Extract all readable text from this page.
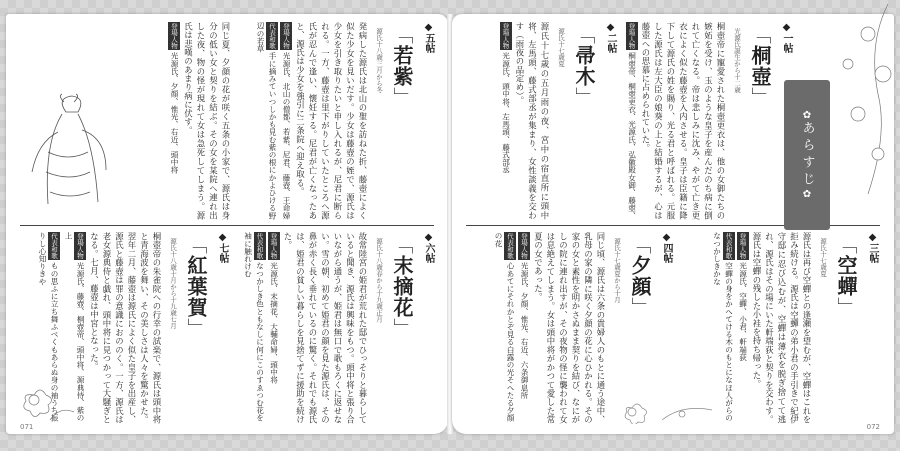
◆五帖
「若紫」
源氏十八歳三月から冬
発病した源氏は北山の聖を訪ねた折、藤壺によく似た少女を見いだす。少女は藤壺の姪で、源氏は少女を引き取りたいと申し入れるが、尼君に断られる。一方、藤壺は里下がりしていたところへ源氏が忍んで逢い、懐妊する。尼君が亡くなったあと、源氏は少女を強引に二条院へ迎え取る。
登場人物光源氏、北山の僧都、若紫、尼君、藤壺、王命婦
代表和歌手に摘みていつしかも見む紫の根にかよひける野辺の若草
同じ夏、夕顔の花が咲く五条の小家で、源氏は身分の低い女と契りを結ぶ。その女を某院へ連れ出した夜、物の怪が現れて女は急死してしまう。源氏は悲嘆のあまり病に伏す。
登場人物光源氏、夕顔、惟光、右近、頭中将
◆六帖
「末摘花」
源氏十八歳春から十九歳正月
故常陸宮の姫君が荒れた邸でひっそりと暮らしていると聞き、源氏は興味をもつ。頭中将と張り合いながら通うが、姫君は無口で歌もろくに返せない。雪の朝、初めて姫君の顔を見た源氏は、その鼻が赤く長く垂れているのに驚く。それでも源氏は、姫君の貧しい暮らしを見捨てずに援助を続けた。
登場人物光源氏、末摘花、大輔命婦、頭中将
代表和歌なつかしき色ともなしに何にこのすゑつむ花を袖に触れけむ
◆七帖
「紅葉賀」
源氏十八歳十月から十九歳七月
桐壺帝の朱雀院への行幸の試楽で、源氏は頭中将と青海波を舞い、その美しさは人々を驚かせた。翌年二月、藤壺は源氏によく似た皇子を出産し、源氏と藤壺は罪の意識におののく。一方、源氏は老女源典侍と戯れ、頭中将に見つかって大騒ぎとなる。七月、藤壺は中宮となった。
登場人物光源氏、藤壺、桐壺帝、頭中将、源典侍、紫の上
代表和歌もの思ふに立ち舞ふべくもあらぬ身の袖うち振りし心知りきや
071
◆一帖
「桐壺」
光源氏誕生から十二歳
桐壺帝に寵愛された桐壺更衣は、他の女御たちの嫉妬を受け、玉のような皇子を産んだのち病に倒れて亡くなる。帝は悲しみに沈み、やがて亡き更衣によく似た藤壺を入内させる。皇子は臣籍に降下して源氏の姓を賜り、光る君と呼ばれる。元服した源氏は左大臣の娘葵の上と結婚するが、心は藤壺への思慕に占められていた。
登場人物桐壺帝、桐壺更衣、光源氏、弘徽殿女御、藤壺、
◆二帖
「帚木」
源氏十七歳夏
源氏十七歳の五月雨の夜、宮中の宿直所に頭中将、左馬頭、藤式部丞が集まり、女性談義を交わす（雨夜の品定め）。
登場人物光源氏、頭中将、左馬頭、藤式部丞
◆三帖
「空蟬」
源氏十七歳夏
源氏は再び空蟬との逢瀬を望むが、空蟬はこれを拒み続ける。源氏は空蟬の弟小君の手引きで紀伊守邸に忍び込むが、空蟬は薄衣を脱ぎ捨てて逃れ、源氏はその場にいた軒端荻と契りを交わす。源氏は空蟬の残した小袿を持ち帰った。
登場人物光源氏、空蟬、小君、軒端荻
代表和歌空蟬の身をかへてける木のもとになほ人がらのなつかしきかな
◆四帖
「夕顔」
源氏十七歳夏から十月
同じ頃、源氏は六条の貴婦人のもとに通う途中、乳母の家の隣に咲く夕顔の花に心ひかれる。その家の女と素性を明かさぬまま契りを結び、なにがしの院に連れ出すが、その夜物の怪に襲われて女は息絶えてしまう。女は頭中将がかつて愛した常夏の女であった。
登場人物光源氏、夕顔、惟光、右近、六条御息所
代表和歌心あてにそれかとぞ見る白露の光そへたる夕顔の花
072
✿ あらすじ
✿
